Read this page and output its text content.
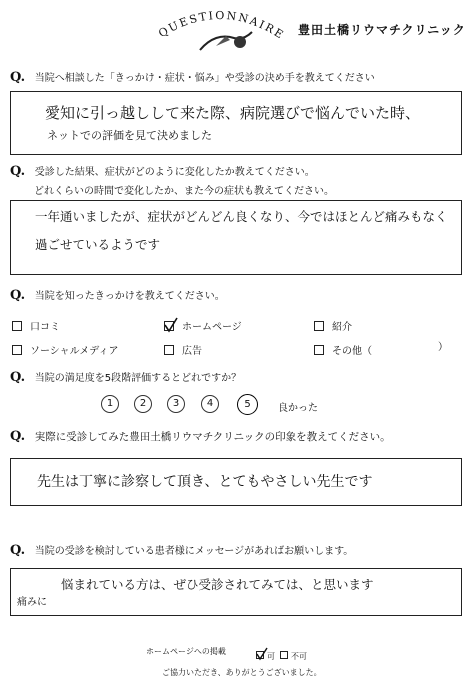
QUESTIONNAIRE 豊田土橋リウマチクリニック
Q. 当院へ相談した「きっかけ・症状・悩み」や受診の決め手を教えてください
愛知に引っ越しして来た際、病院選びで悩んでいた時、
ネットでの評価を見て決めました
Q. 受診した結果、症状がどのように変化したか教えてください。
どれくらいの時間で変化したか、また今の症状も教えてください。
一年通いましたが、症状がどんどん良くなり、今ではほとんど痛みもなく
過ごせているようです
Q. 当院を知ったきっかけを教えてください。
口コミ	ホームページ	紹介
ソーシャルメディア	広告	その他（	）
Q. 当院の満足度を5段階評価するとどれですか？
1	2	3	4	5	良かった
Q. 実際に受診してみた豊田土橋リウマチクリニックの印象を教えてください。
先生は丁寧に診察して頂き、とてもやさしい先生です
Q. 当院の受診を検討している患者様にメッセージがあればお願いします。
悩まれている方は、ぜひ受診されてみては、と思います
痛みに
ホームページへの掲載
可	不可
ご協力いただき、ありがとうございました。
